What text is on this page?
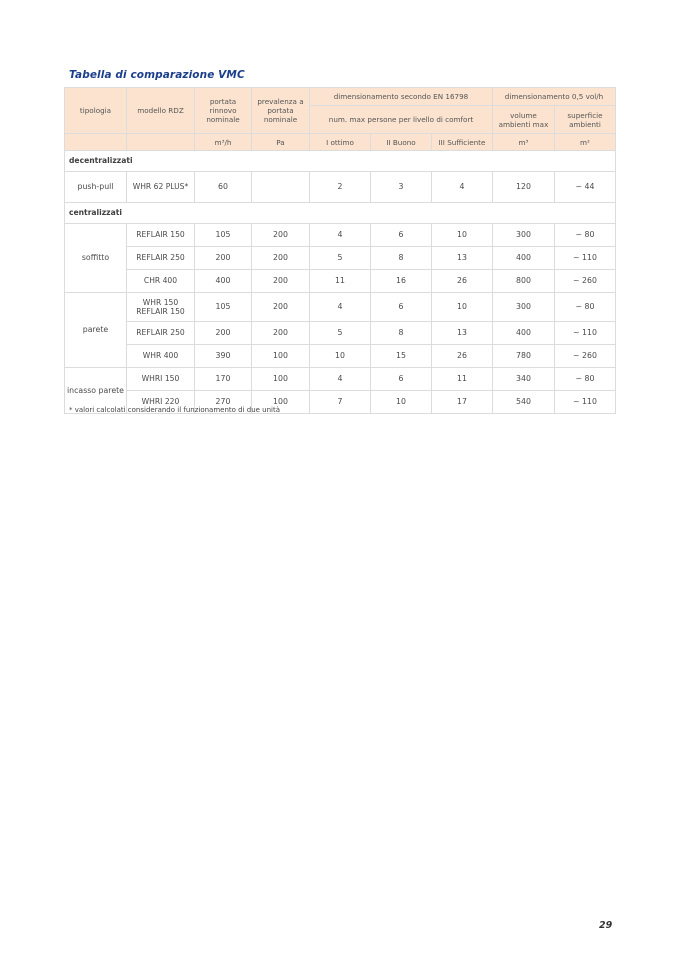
Tabella di comparazione VMC
tipologia	modello RDZ	portata rinnovo nominale	prevalenza a portata nominale	dimensionamento secondo EN 16798			dimensionamento 0,5 vol/h	
				num. max persone per livello di comfort			volume ambienti max	superficie ambienti
		m³/h	Pa	I ottimo	II Buono	III Sufficiente	m³	m²
decentralizzati								
push-pull	WHR 62 PLUS*	60		2	3	4	120	~ 44
centralizzati								
soffitto	REFLAIR 150	105	200	4	6	10	300	~ 80
	REFLAIR 250	200	200	5	8	13	400	~ 110
	CHR 400	400	200	11	16	26	800	~ 260
parete	WHR 150 REFLAIR 150	105	200	4	6	10	300	~ 80
	REFLAIR 250	200	200	5	8	13	400	~ 110
	WHR 400	390	100	10	15	26	780	~ 260
incasso parete	WHRI 150	170	100	4	6	11	340	~ 80
	WHRI 220	270	100	7	10	17	540	~ 110
* valori calcolati considerando il funzionamento di due unità
29
